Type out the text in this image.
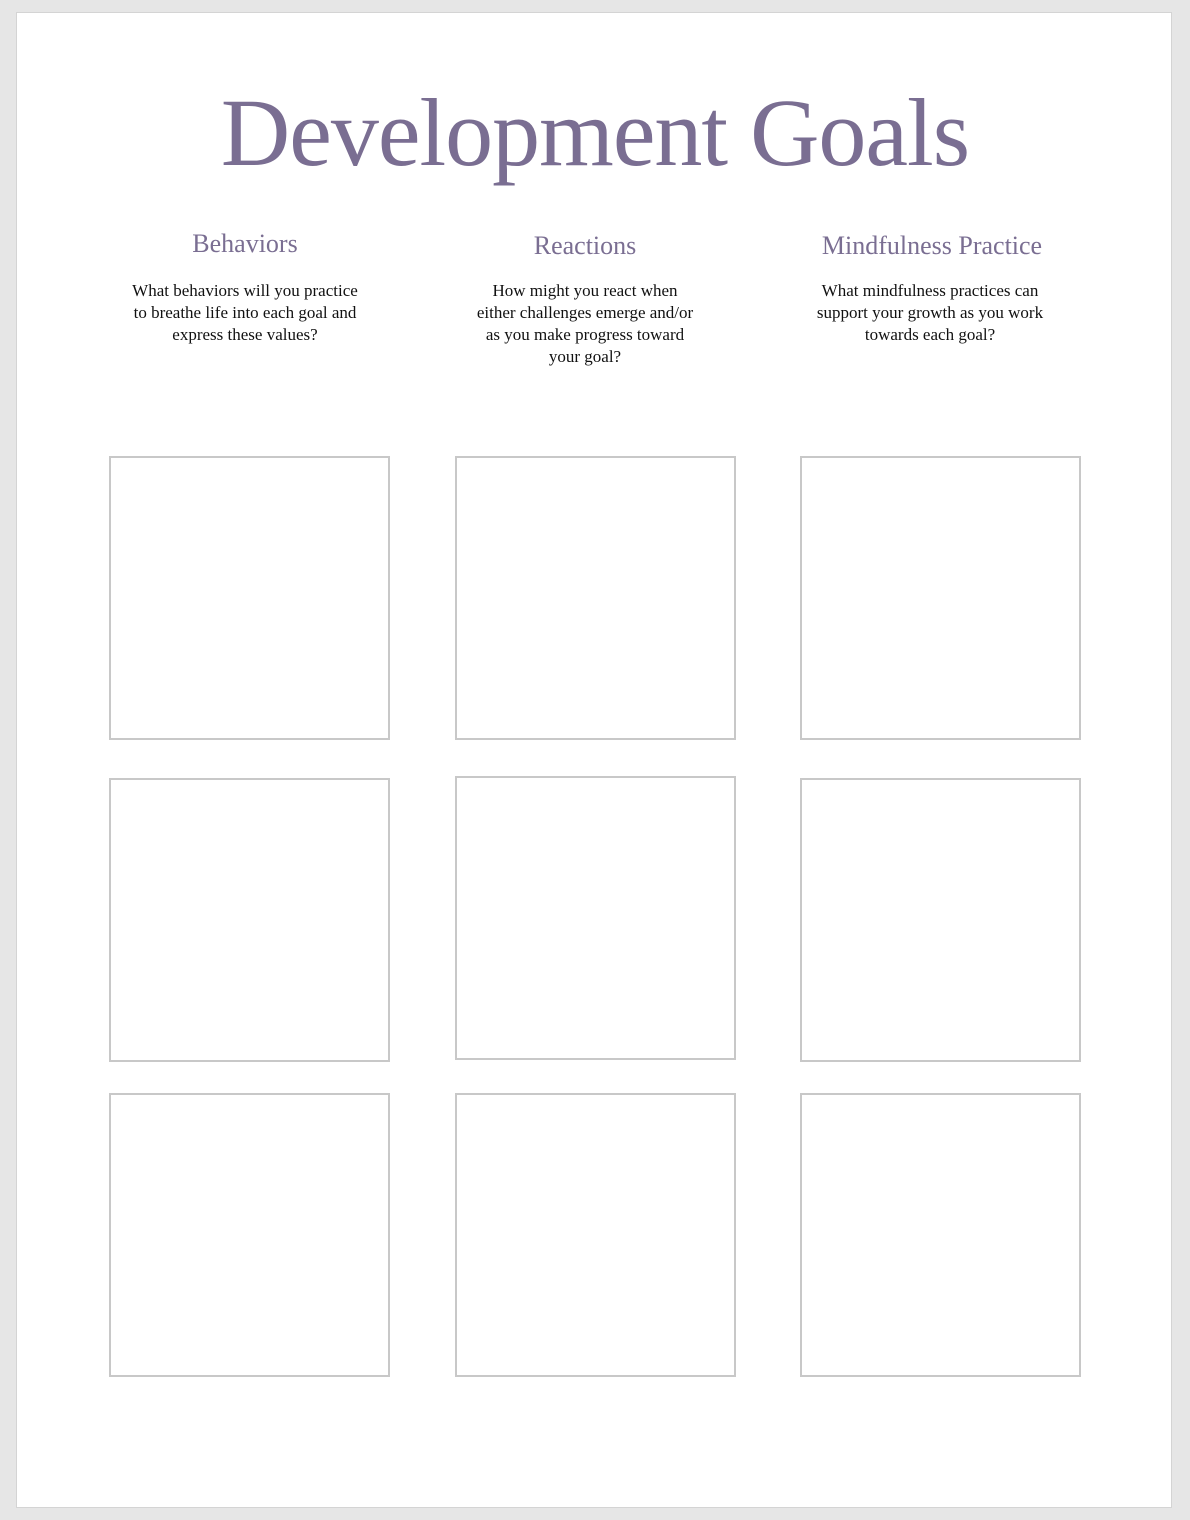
Development Goals
Behaviors
What behaviors will you practice
to breathe life into each goal and
express these values?
Reactions
How might you react when
either challenges emerge and/or
as you make progress toward
your goal?
Mindfulness Practice
What mindfulness practices can
support your growth as you work
towards each goal?
